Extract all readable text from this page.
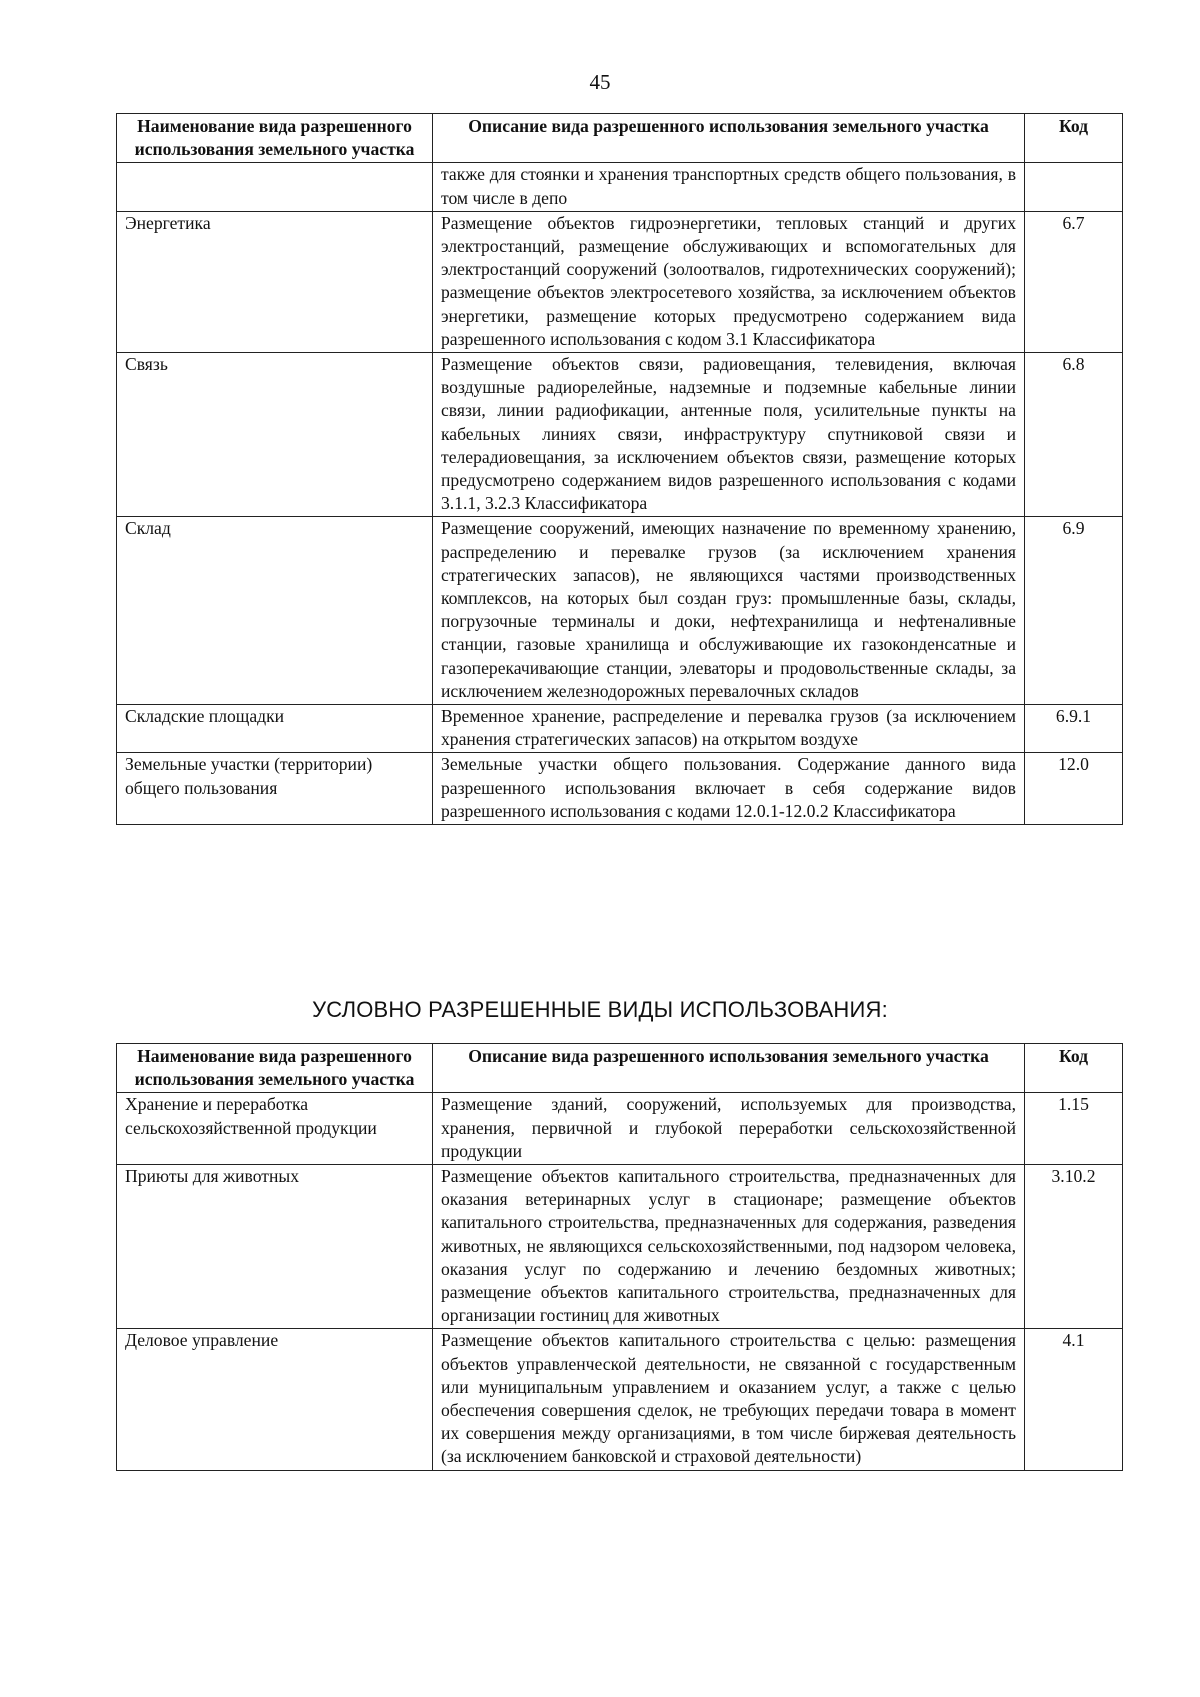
45
Наименование вида разрешенного использования земельного участка	Описание вида разрешенного использования земельного участка	Код
	также для стоянки и хранения транспортных средств общего пользования, в том числе в депо	
Энергетика	Размещение объектов гидроэнергетики, тепловых станций и других электростанций, размещение обслуживающих и вспомогательных для электростанций сооружений (золоотвалов, гидротехнических сооружений); размещение объектов электросетевого хозяйства, за исключением объектов энергетики, размещение которых предусмотрено содержанием вида разрешенного использования с кодом 3.1 Классификатора	6.7
Связь	Размещение объектов связи, радиовещания, телевидения, включая воздушные радиорелейные, надземные и подземные кабельные линии связи, линии радиофикации, антенные поля, усилительные пункты на кабельных линиях связи, инфраструктуру спутниковой связи и телерадиовещания, за исключением объектов связи, размещение которых предусмотрено содержанием видов разрешенного использования с кодами 3.1.1, 3.2.3 Классификатора	6.8
Склад	Размещение сооружений, имеющих назначение по временному хранению, распределению и перевалке грузов (за исключением хранения стратегических запасов), не являющихся частями производственных комплексов, на которых был создан груз: промышленные базы, склады, погрузочные терминалы и доки, нефтехранилища и нефтеналивные станции, газовые хранилища и обслуживающие их газоконденсатные и газоперекачивающие станции, элеваторы и продовольственные склады, за исключением железнодорожных перевалочных складов	6.9
Складские площадки	Временное хранение, распределение и перевалка грузов (за исключением хранения стратегических запасов) на открытом воздухе	6.9.1
Земельные участки (территории) общего пользования	Земельные участки общего пользования. Содержание данного вида разрешенного использования включает в себя содержание видов разрешенного использования с кодами 12.0.1-12.0.2 Классификатора	12.0
УСЛОВНО РАЗРЕШЕННЫЕ ВИДЫ ИСПОЛЬЗОВАНИЯ:
Наименование вида разрешенного использования земельного участка	Описание вида разрешенного использования земельного участка	Код
Хранение и переработка сельскохозяйственной продукции	Размещение зданий, сооружений, используемых для производства, хранения, первичной и глубокой переработки сельскохозяйственной продукции	1.15
Приюты для животных	Размещение объектов капитального строительства, предназначенных для оказания ветеринарных услуг в стационаре; размещение объектов капитального строительства, предназначенных для содержания, разведения животных, не являющихся сельскохозяйственными, под надзором человека, оказания услуг по содержанию и лечению бездомных животных; размещение объектов капитального строительства, предназначенных для организации гостиниц для животных	3.10.2
Деловое управление	Размещение объектов капитального строительства с целью: размещения объектов управленческой деятельности, не связанной с государственным или муниципальным управлением и оказанием услуг, а также с целью обеспечения совершения сделок, не требующих передачи товара в момент их совершения между организациями, в том числе биржевая деятельность (за исключением банковской и страховой деятельности)	4.1
